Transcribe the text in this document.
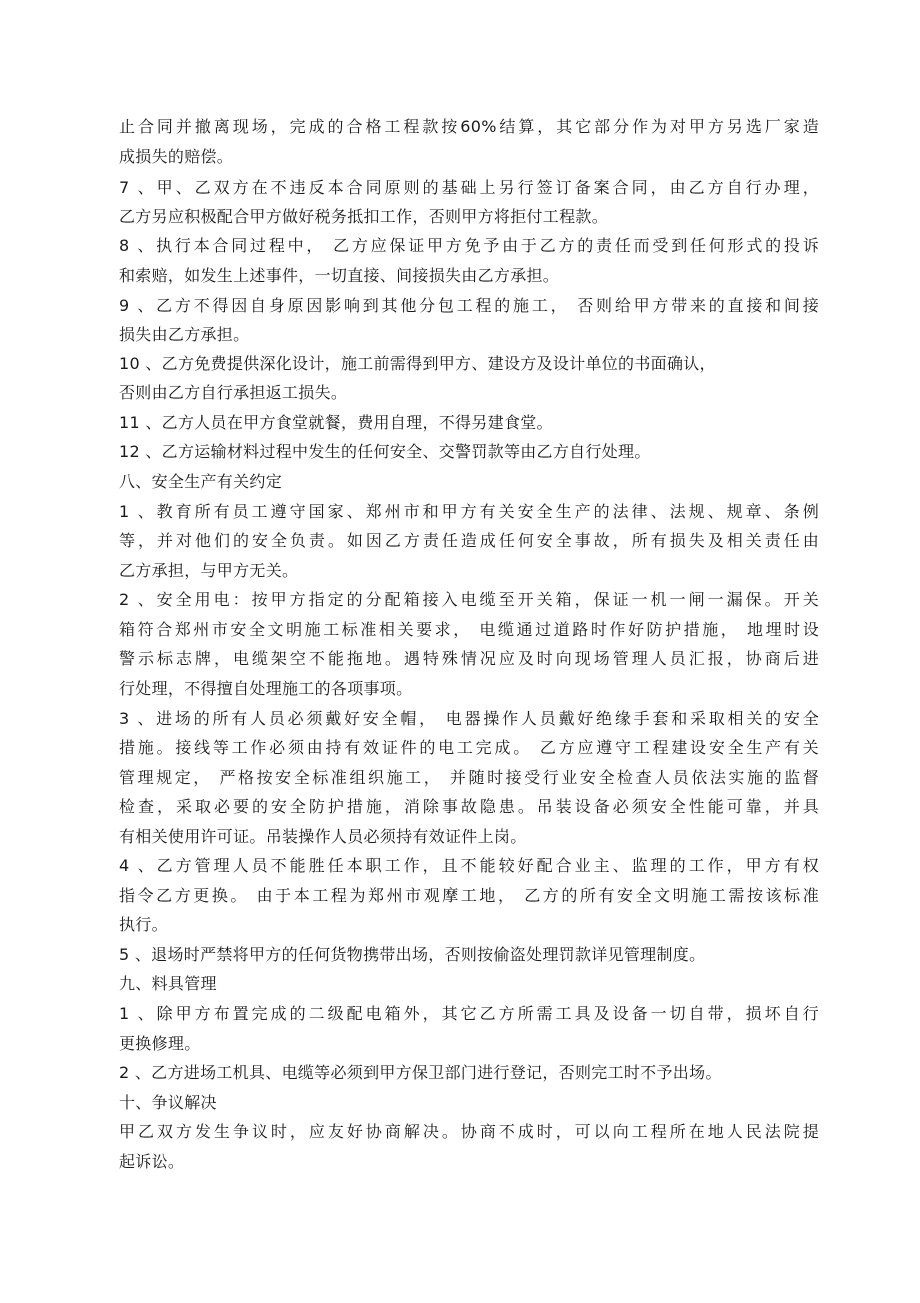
止合同并撤离现场，完成的合格工程款按60%结算，其它部分作为对甲方另选厂家造
成损失的赔偿。
7 、甲、乙双方在不违反本合同原则的基础上另行签订备案合同，由乙方自行办理，
乙方另应积极配合甲方做好税务抵扣工作，否则甲方将拒付工程款。
8 、执行本合同过程中， 乙方应保证甲方免予由于乙方的责任而受到任何形式的投诉
和索赔，如发生上述事件，一切直接、间接损失由乙方承担。
9 、乙方不得因自身原因影响到其他分包工程的施工， 否则给甲方带来的直接和间接
损失由乙方承担。
10 、乙方免费提供深化设计，施工前需得到甲方、建设方及设计单位的书面确认，
否则由乙方自行承担返工损失。
11 、乙方人员在甲方食堂就餐，费用自理，不得另建食堂。
12 、乙方运输材料过程中发生的任何安全、交警罚款等由乙方自行处理。
八、安全生产有关约定
1 、教育所有员工遵守国家、郑州市和甲方有关安全生产的法律、法规、规章、条例
等，并对他们的安全负责。如因乙方责任造成任何安全事故，所有损失及相关责任由
乙方承担，与甲方无关。
2 、安全用电：按甲方指定的分配箱接入电缆至开关箱，保证一机一闸一漏保。开关
箱符合郑州市安全文明施工标准相关要求， 电缆通过道路时作好防护措施， 地埋时设
警示标志牌，电缆架空不能拖地。遇特殊情况应及时向现场管理人员汇报，协商后进
行处理，不得擅自处理施工的各项事项。
3 、进场的所有人员必须戴好安全帽， 电器操作人员戴好绝缘手套和采取相关的安全
措施。接线等工作必须由持有效证件的电工完成。 乙方应遵守工程建设安全生产有关
管理规定， 严格按安全标准组织施工， 并随时接受行业安全检查人员依法实施的监督
检查，采取必要的安全防护措施，消除事故隐患。吊装设备必须安全性能可靠，并具
有相关使用许可证。吊装操作人员必须持有效证件上岗。
4 、乙方管理人员不能胜任本职工作，且不能较好配合业主、监理的工作，甲方有权
指令乙方更换。 由于本工程为郑州市观摩工地， 乙方的所有安全文明施工需按该标准
执行。
5 、退场时严禁将甲方的任何货物携带出场，否则按偷盗处理罚款详见管理制度。
九、料具管理
1 、除甲方布置完成的二级配电箱外，其它乙方所需工具及设备一切自带，损坏自行
更换修理。
2 、乙方进场工机具、电缆等必须到甲方保卫部门进行登记，否则完工时不予出场。
十、争议解决
甲乙双方发生争议时，应友好协商解决。协商不成时，可以向工程所在地人民法院提
起诉讼。
